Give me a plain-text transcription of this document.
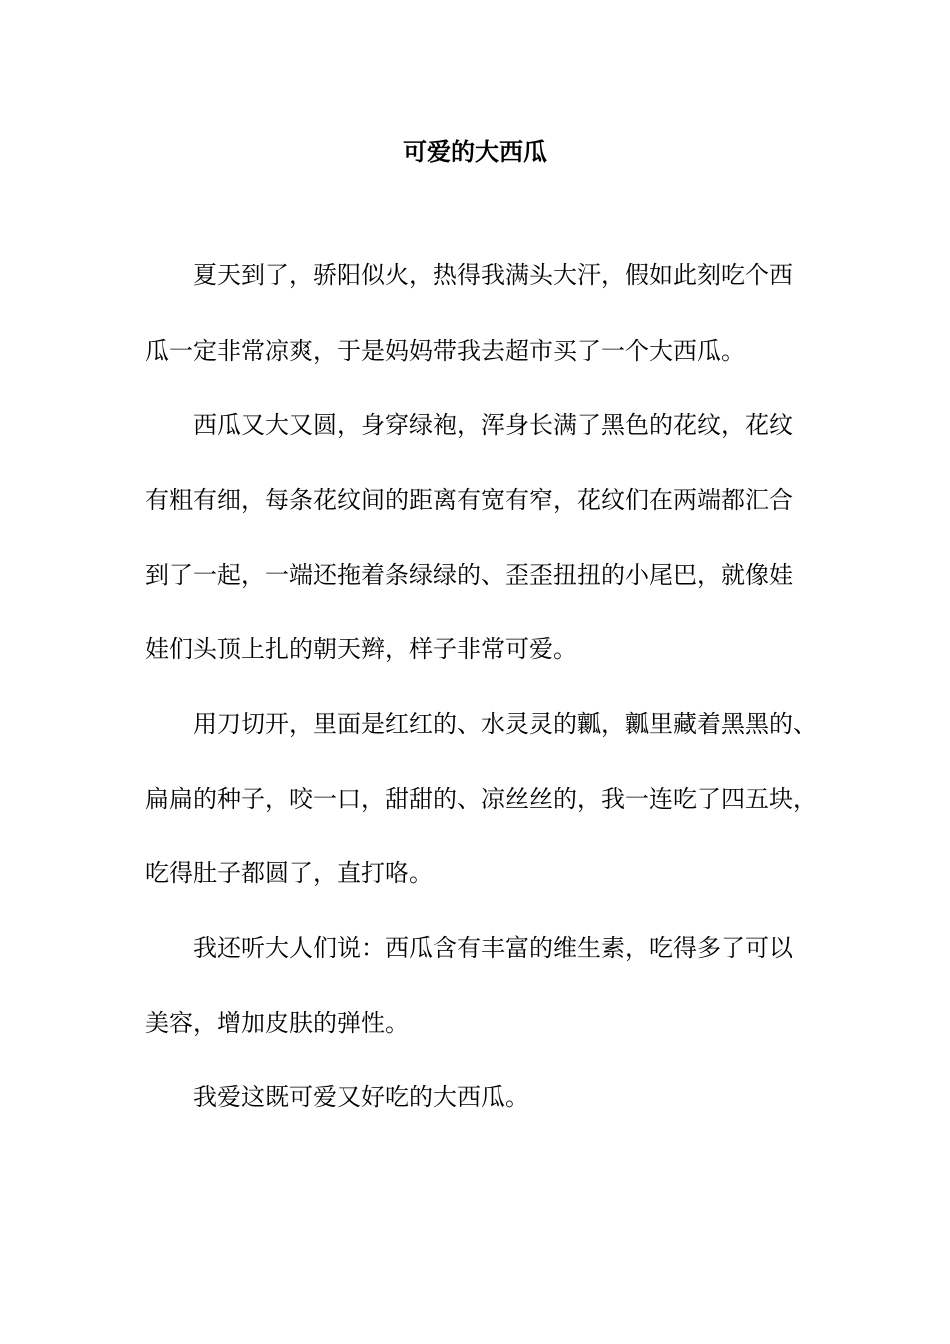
可爱的大西瓜

夏天到了，骄阳似火，热得我满头大汗，假如此刻吃个西

瓜一定非常凉爽，于是妈妈带我去超市买了一个大西瓜。

西瓜又大又圆，身穿绿袍，浑身长满了黑色的花纹，花纹

有粗有细，每条花纹间的距离有宽有窄，花纹们在两端都汇合

到了一起，一端还拖着条绿绿的、歪歪扭扭的小尾巴，就像娃

娃们头顶上扎的朝天辫，样子非常可爱。

用刀切开，里面是红红的、水灵灵的瓤，瓤里藏着黑黑的、

扁扁的种子，咬一口，甜甜的、凉丝丝的，我一连吃了四五块，

吃得肚子都圆了，直打咯。

我还听大人们说：西瓜含有丰富的维生素，吃得多了可以

美容，增加皮肤的弹性。

我爱这既可爱又好吃的大西瓜。
